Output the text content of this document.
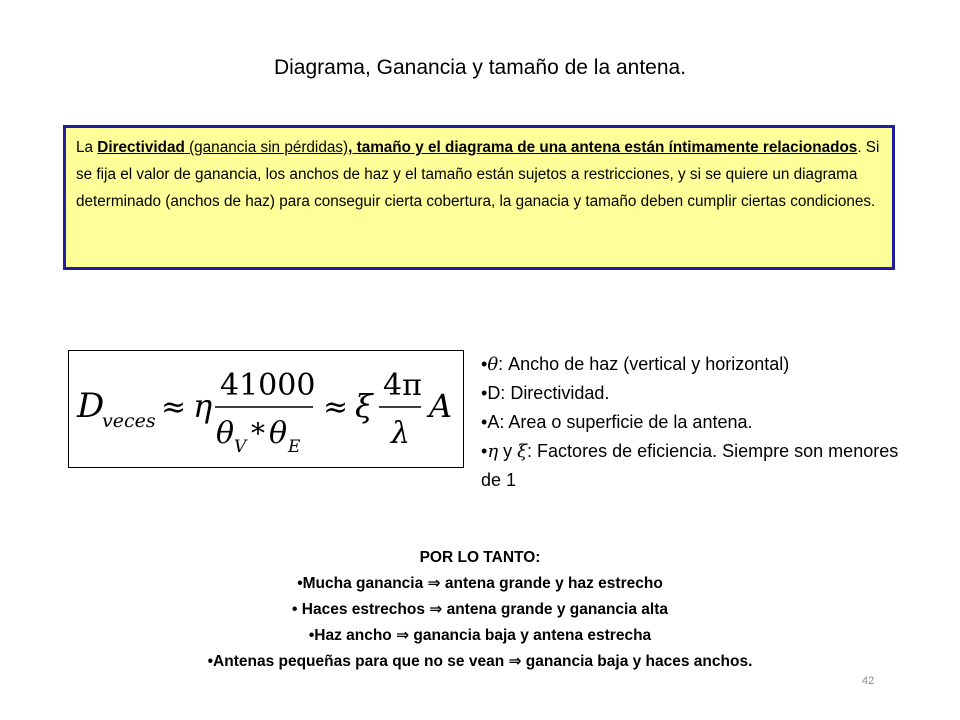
Diagrama, Ganancia y tamaño de la antena.

La Directividad (ganancia sin pérdidas), tamaño y el diagrama de una antena están íntimamente relacionados. Si se fija el valor de ganancia, los anchos de haz y el tamaño están sujetos a restricciones, y si se quiere un diagrama determinado (anchos de haz) para conseguir cierta cobertura, la ganacia y tamaño deben cumplir ciertas condiciones.

D
veces ≈ η
41000
θ V * θ E
≈ ξ
4π
λ
A
•θ: Ancho de haz (vertical y horizontal)
•D: Directividad.
•A: Area o superficie de la antena.
•η y ξ: Factores de eficiencia. Siempre son menores de 1
POR LO TANTO:
•Mucha ganancia ⇒ antena grande y haz estrecho
• Haces estrechos ⇒ antena grande y ganancia alta
•Haz ancho ⇒ ganancia baja y antena estrecha
•Antenas pequeñas para que no se vean ⇒ ganancia baja y haces anchos.
42
